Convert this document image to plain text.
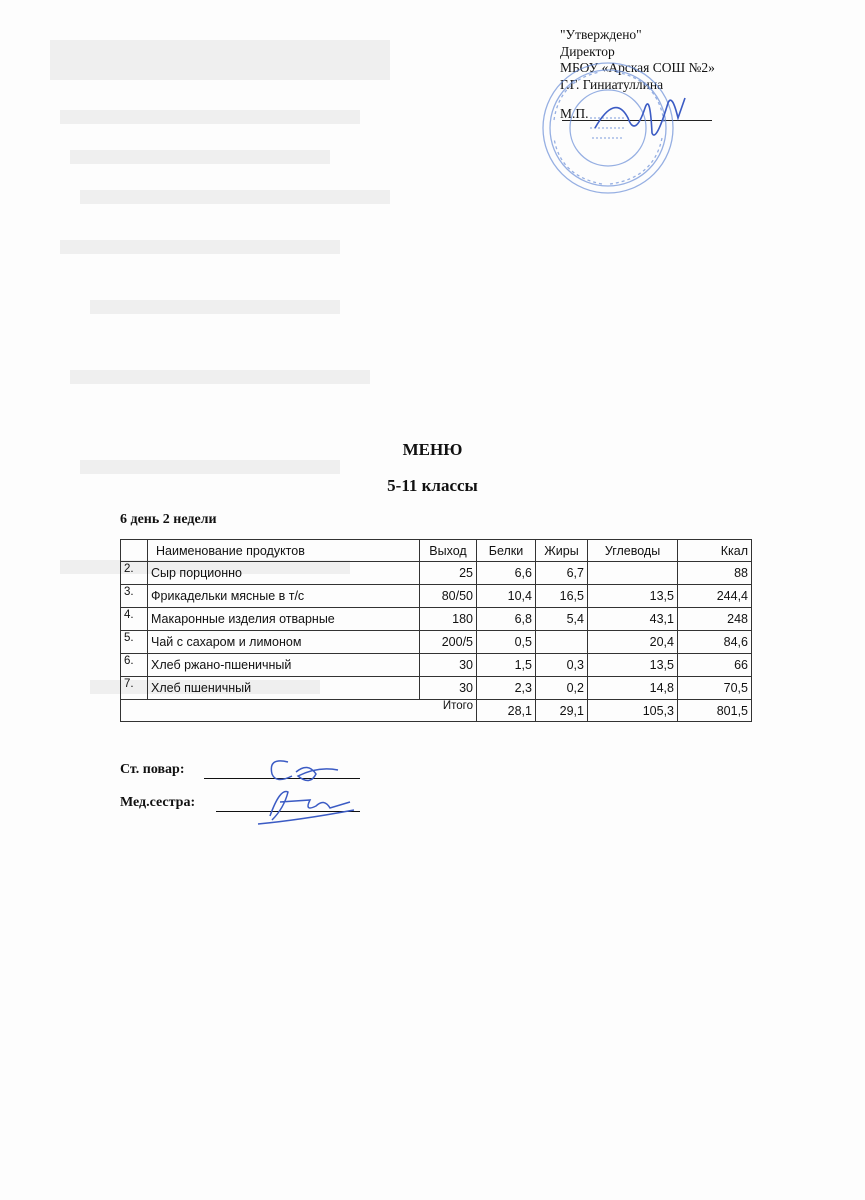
"Утверждено"
Директор
МБОУ «Арская СОШ №2»
Г.Г. Гиниатуллина
М.П.
МЕНЮ
5-11 классы
6 день 2 недели
	Наименование продуктов	Выход	Белки	Жиры	Углеводы	Ккал
2.	Сыр порционно	25	6,6	6,7		88
3.	Фрикадельки мясные в т/с	80/50	10,4	16,5	13,5	244,4
4.	Макаронные изделия отварные	180	6,8	5,4	43,1	248
5.	Чай с сахаром и лимоном	200/5	0,5		20,4	84,6
6.	Хлеб ржано-пшеничный	30	1,5	0,3	13,5	66
7.	Хлеб пшеничный	30	2,3	0,2	14,8	70,5
Итого			28,1	29,1	105,3	801,5
Ст. повар:
Мед.сестра:
